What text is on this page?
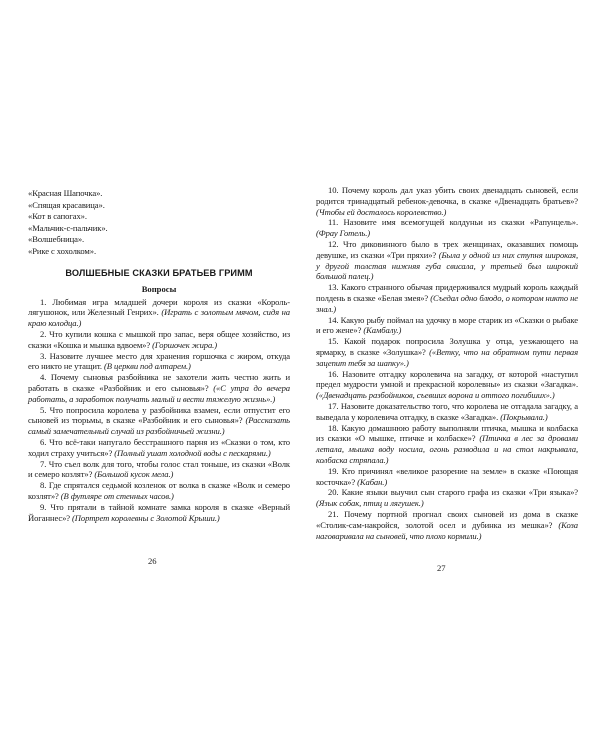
«Красная Шапочка».
«Спящая красавица».
«Кот в сапогах».
«Мальчик-с-пальчик».
«Волшебница».
«Рике с хохолком».
ВОЛШЕБНЫЕ СКАЗКИ БРАТЬЕВ ГРИММ
Вопросы
1. Любимая игра младшей дочери короля из сказки «Король-лягушонок, или Железный Генрих». (Играть с золотым мячом, сидя на краю колодца.)
2. Что купили кошка с мышкой про запас, веря общее хозяйство, из сказки «Кошка и мышка вдвоем»? (Горшочек жира.)
3. Назовите лучшее место для хранения горшочка с жиром, откуда его никто не утащит. (В церкви под алтарем.)
4. Почему сыновья разбойника не захотели жить честно жить и работать в сказке «Разбойник и его сыновья»? («С утра до вечера работать, а заработок получать малый и вести тяжелую жизнь».)
5. Что попросила королева у разбойника взамен, если отпустит его сыновей из тюрьмы, в сказке «Разбойник и его сыновья»? (Рассказать самый замечательный случай из разбойничьей жизни.)
6. Что всё-таки напугало бесстрашного парня из «Сказки о том, кто ходил страху учиться»? (Полный ушат холодной воды с пескарями.)
7. Что съел волк для того, чтобы голос стал тоньше, из сказки «Волк и семеро козлят»? (Большой кусок мела.)
8. Где спрятался седьмой козленок от волка в сказке «Волк и семеро козлят»? (В футляре от стенных часов.)
9. Что прятали в тайной комнате замка короля в сказке «Верный Йоганнес»? (Портрет королевны с Золотой Крыши.)
26
10. Почему король дал указ убить своих двенадцать сыновей, если родится тринадцатый ребенок-девочка, в сказке «Двенадцать братьев»? (Чтобы ей досталось королевство.)
11. Назовите имя всемогущей колдуньи из сказки «Рапунцель». (Фрау Готель.)
12. Что диковинного было в трех женщинах, оказавших помощь девушке, из сказки «Три пряхи»? (Была у одной из них ступня широкая, у другой толстая нижняя губа свисала, у третьей был широкий большой палец.)
13. Какого странного обычая придерживался мудрый король каждый полдень в сказке «Белая змея»? (Съедал одно блюдо, о котором никто не знал.)
14. Какую рыбу поймал на удочку в море старик из «Сказки о рыбаке и его жене»? (Камбалу.)
15. Какой подарок попросила Золушка у отца, уезжающего на ярмарку, в сказке «Золушка»? («Ветку, что на обратном пути первая зацепит тебя за шапку».)
16. Назовите отгадку королевича на загадку, от которой «наступил предел мудрости умной и прекрасной королевны» из сказки «Загадка». («Двенадцать разбойников, съевших ворона и оттого погибших».)
17. Назовите доказательство того, что королева не отгадала загадку, а выведала у королевича отгадку, в сказке «Загадка». (Покрывала.)
18. Какую домашнюю работу выполняли птичка, мышка и колбаска из сказки «О мышке, птичке и колбаске»? (Птичка в лес за дровами летала, мышка воду носила, огонь разводила и на стол накрывала, колбаска стряпала.)
19. Кто причинял «великое разорение на земле» в сказке «Поющая косточка»? (Кабан.)
20. Какие языки выучил сын старого графа из сказки «Три языка»? (Язык собак, птиц и лягушек.)
21. Почему портной прогнал своих сыновей из дома в сказке «Столик-сам-накройся, золотой осел и дубинка из мешка»? (Коза наговаривала на сыновей, что плохо кормили.)
27
